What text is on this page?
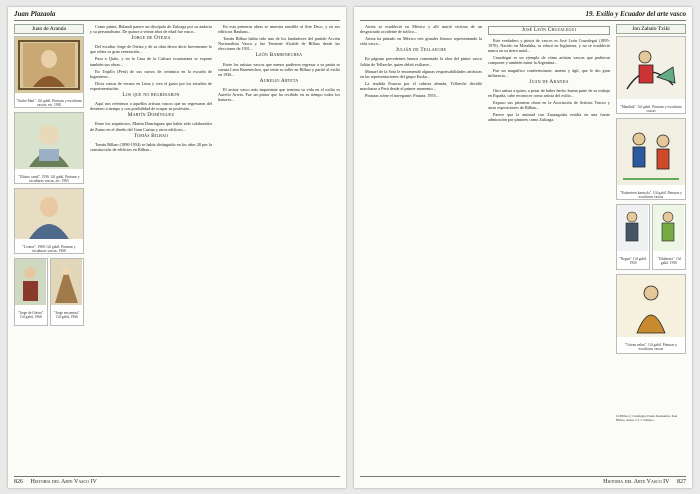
Juan Plazaola
Juan de Aranda
"Andre Mari". Gil gabil. Pinturas y esculturas vascas, etc. 1965
"Ultimo canal", 1956. Gil gabil. Pinturas y esculturas vascas, etc. 1965
"Leonor", 1968. Gil gabil. Pinturas y esculturas vascas, 1968
"Jorge de Oteiza". Gil gabil, 1966
"Jorge encuentra". Gil gabil, 1966

Como pintor, Bikandi parece un discípulo de Zuloaga por su audacia y su personalismo. De quince a veinte años de edad fue vasco...

Jorge de Oteiza

Del escultor Jorge de Oteiza y de su obra deseo decir brevemente lo que relata su gran veneración...

Pasa a Quito, y en la Casa de la Cultura ecuatoriana se expone también sus obras...

En Trujillo (Perú) de sus cursos de cerámica en la escuela de Ingenieros...

Dicta cursos de verano en Lima y crea el gusto por los estudios de experimentación.

Los que no regresaron

Aquí nos referimos a aquellos artistas vascos que no regresaron del destierro a tiempo y con posibilidad de ocupar su profesión...

Martín Domínguez

Entre los arquitectos, Martín Domínguez que había sido colaborador de Zuazo en el diseño del Gran Casino y otros edificios...

Tomás Bilbao

Tomás Bilbao (1890-1954) se había distinguido en los años 20 por la construcción de edificios en Bilbao...

En esta primeras obras se muestra sensible al Arte Deco, y en sus edificios Bauhaus...

Tomás Bilbao había sido uno de los fundadores del partido Acción Nacionalista Vasca y fue Teniente Alcalde de Bilbao desde las elecciones de 1931...

León Barrenechea

Entre los artistas vascos que menos pudieron regresar a su patria se cuenta León Barrenechea, que tenía su taller en Bilbao y partió al exilio en 1936...

Aurelio Arteta

El artista vasco más importante que termina su vida en el exilio es Aurelio Arteta. Fue un pintor que ha recibido en su tiempo todos los honores...

826 Historia del Arte Vasco IV
19. Exilio y Ecuador del arte vasco

Arteta se estableció en México y allí murió víctima de un desgraciado accidente de tráfico...

Arteta ha pintado en México tres grandes lienzos representando la vida vasca...

Julián de Tellaeche

En páginas precedentes hemos comentado la obra del pintor vasco Julián de Tellaeche, quien debió exiliarse...

Manuel de la Sota le encomendó algunas responsabilidades artísticas en las representaciones del grupo Eusko...

La tendida Francia por el cubista alemán, Tellaeche decidió marcharse a Perú desde el primer momento...

Pinturas sobre el navegante: Pintura, 1955...

José León Cruzalegui

Este verdadero y pintor de vascos es José León Cruzalegui (1895-1970). Nacido en Mondaka, se educó en Inglaterra, y no se estableció nunca en su tierra natal...

Cruzalegui es un ejemplo de cómo artistas vascos que pudieron componer y también mirar la Argentina...

Fue un magnífico conferenciante, ameno y ágil, que le dio gran influencia...

Juan de Aranda

Otro artista a quien, a pesar de haber hecho buena parte de su trabajo en España, cabe reconocer como artista del exilio...

Expuso sus primeras obras en la Asociación de Artistas Vascos y otras exposiciones de Bilbao...

Parece que la amistad con Zuazagoitia residía en una fuerte admiración por pintores como Zuloaga.

Jon Zabalo Txiki
"Mandiak". Gil gabil. Pinturas y esculturas vascas
"Esaberiren kanta da". Gil gabil. Pinturas y esculturas vascas
"Negua". Gil gabil. 1950
"Udaberria". Gil gabil. 1950
"Urtean zehar". Gil gabil. Pinturas y esculturas vascas
16 Bilbao y Cruzalegui, Eusko Ikaskuntza. Juan Bilbao, artista. Cf. J. Zubieta...
Historia del Arte Vasco IV 827
